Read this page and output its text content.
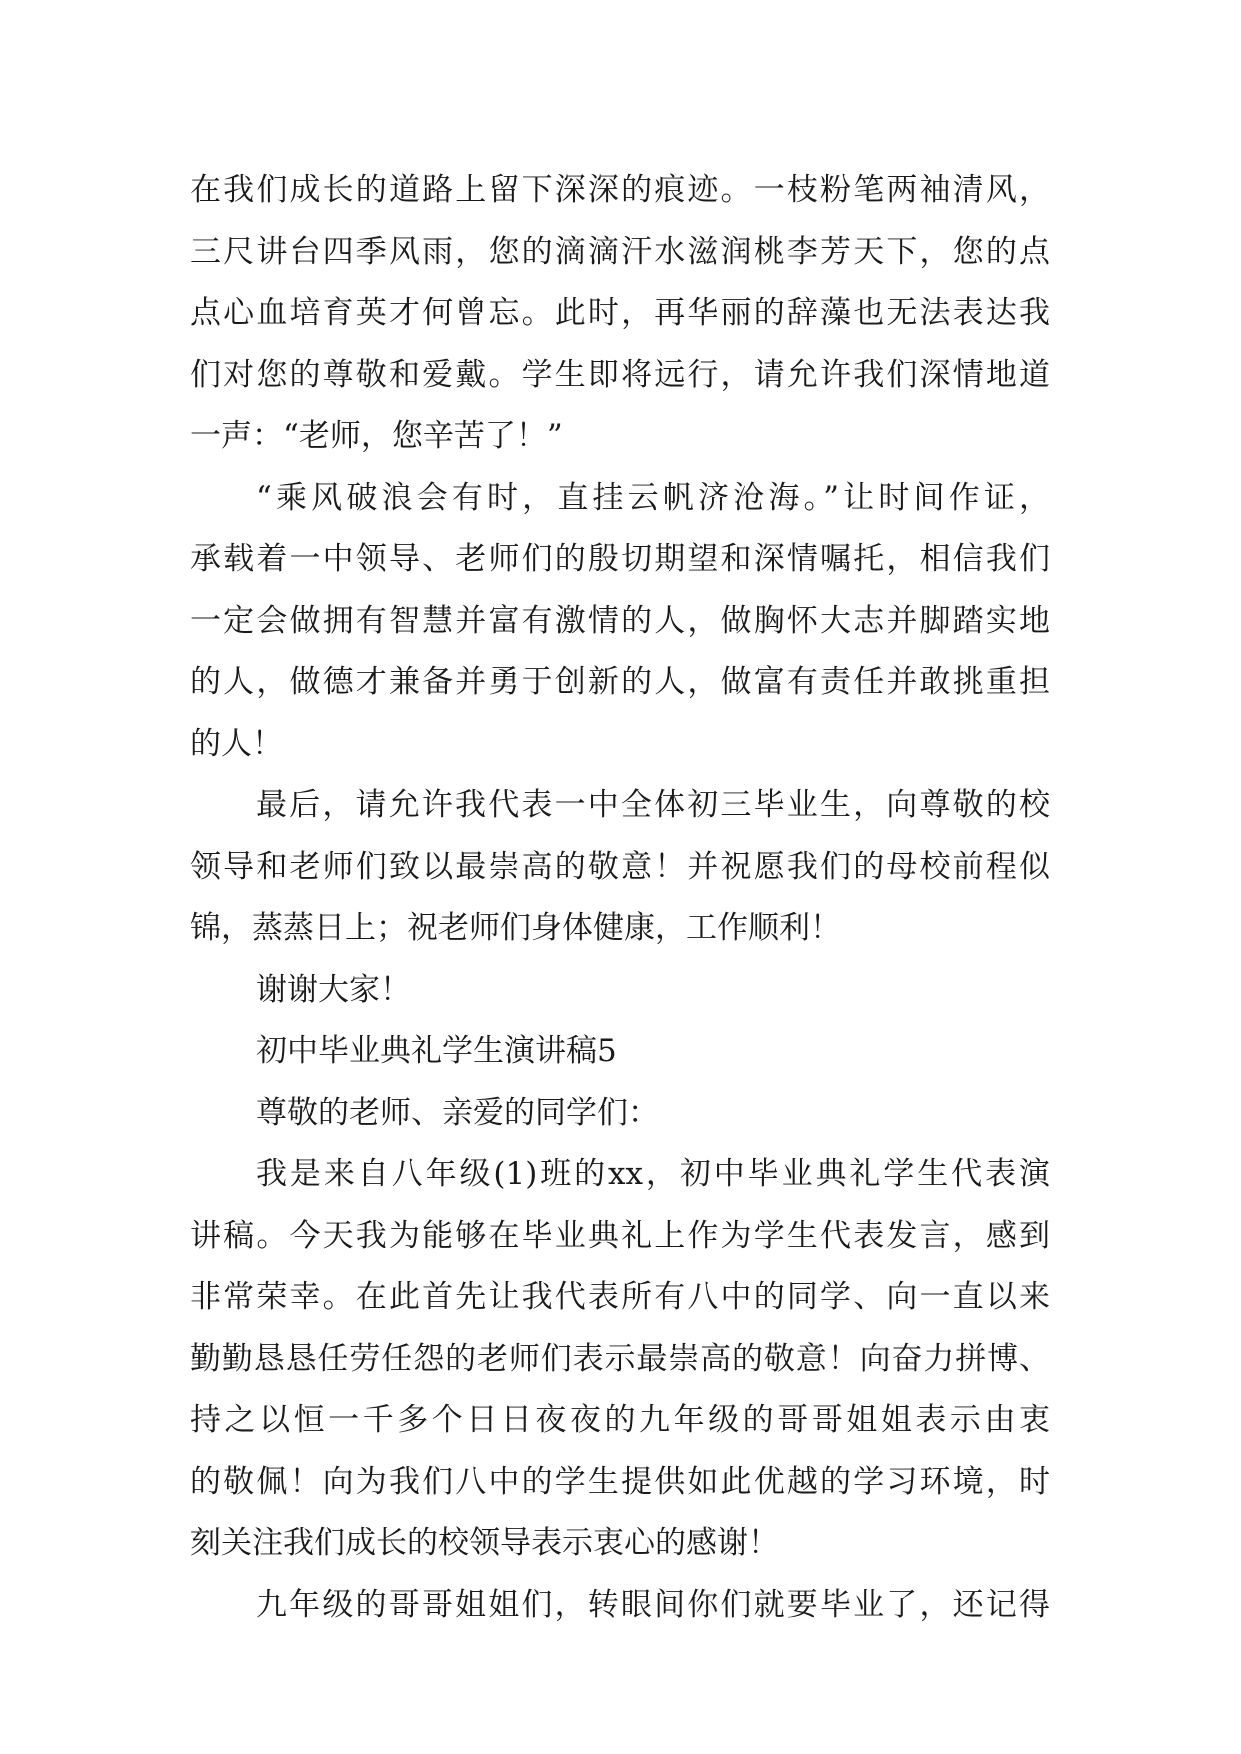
在我们成长的道路上留下深深的痕迹。一枝粉笔两袖清风，
三尺讲台四季风雨，您的滴滴汗水滋润桃李芳天下，您的点
点心血培育英才何曾忘。此时，再华丽的辞藻也无法表达我
们对您的尊敬和爱戴。学生即将远行，请允许我们深情地道
一声：“老师，您辛苦了！”
“乘风破浪会有时，直挂云帆济沧海。”让时间作证，
承载着一中领导、老师们的殷切期望和深情嘱托，相信我们
一定会做拥有智慧并富有激情的人，做胸怀大志并脚踏实地
的人，做德才兼备并勇于创新的人，做富有责任并敢挑重担
的人！
最后，请允许我代表一中全体初三毕业生，向尊敬的校
领导和老师们致以最崇高的敬意！并祝愿我们的母校前程似
锦，蒸蒸日上；祝老师们身体健康，工作顺利！
谢谢大家！
初中毕业典礼学生演讲稿5
尊敬的老师、亲爱的同学们：
我是来自八年级(1)班的xx，初中毕业典礼学生代表演
讲稿。今天我为能够在毕业典礼上作为学生代表发言，感到
非常荣幸。在此首先让我代表所有八中的同学、向一直以来
勤勤恳恳任劳任怨的老师们表示最崇高的敬意！向奋力拼博、
持之以恒一千多个日日夜夜的九年级的哥哥姐姐表示由衷
的敬佩！向为我们八中的学生提供如此优越的学习环境，时
刻关注我们成长的校领导表示衷心的感谢！
九年级的哥哥姐姐们，转眼间你们就要毕业了，还记得
